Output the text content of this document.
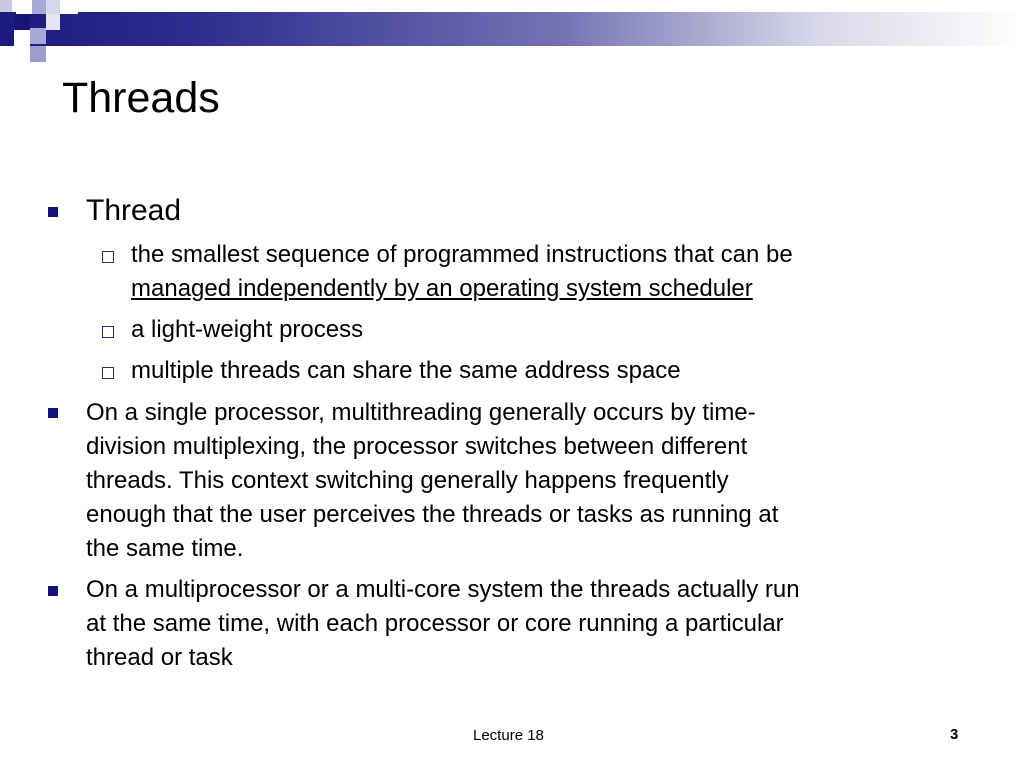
Threads
Thread
the smallest sequence of programmed instructions that can be
managed independently by an operating system scheduler
a light-weight process
multiple threads can share the same address space
On a single processor, multithreading generally occurs by time-
division multiplexing, the processor switches between different
threads. This context switching generally happens frequently
enough that the user perceives the threads or tasks as running at
the same time.
On a multiprocessor or a multi-core system the threads actually run
at the same time, with each processor or core running a particular
thread or task
Lecture 18	3
